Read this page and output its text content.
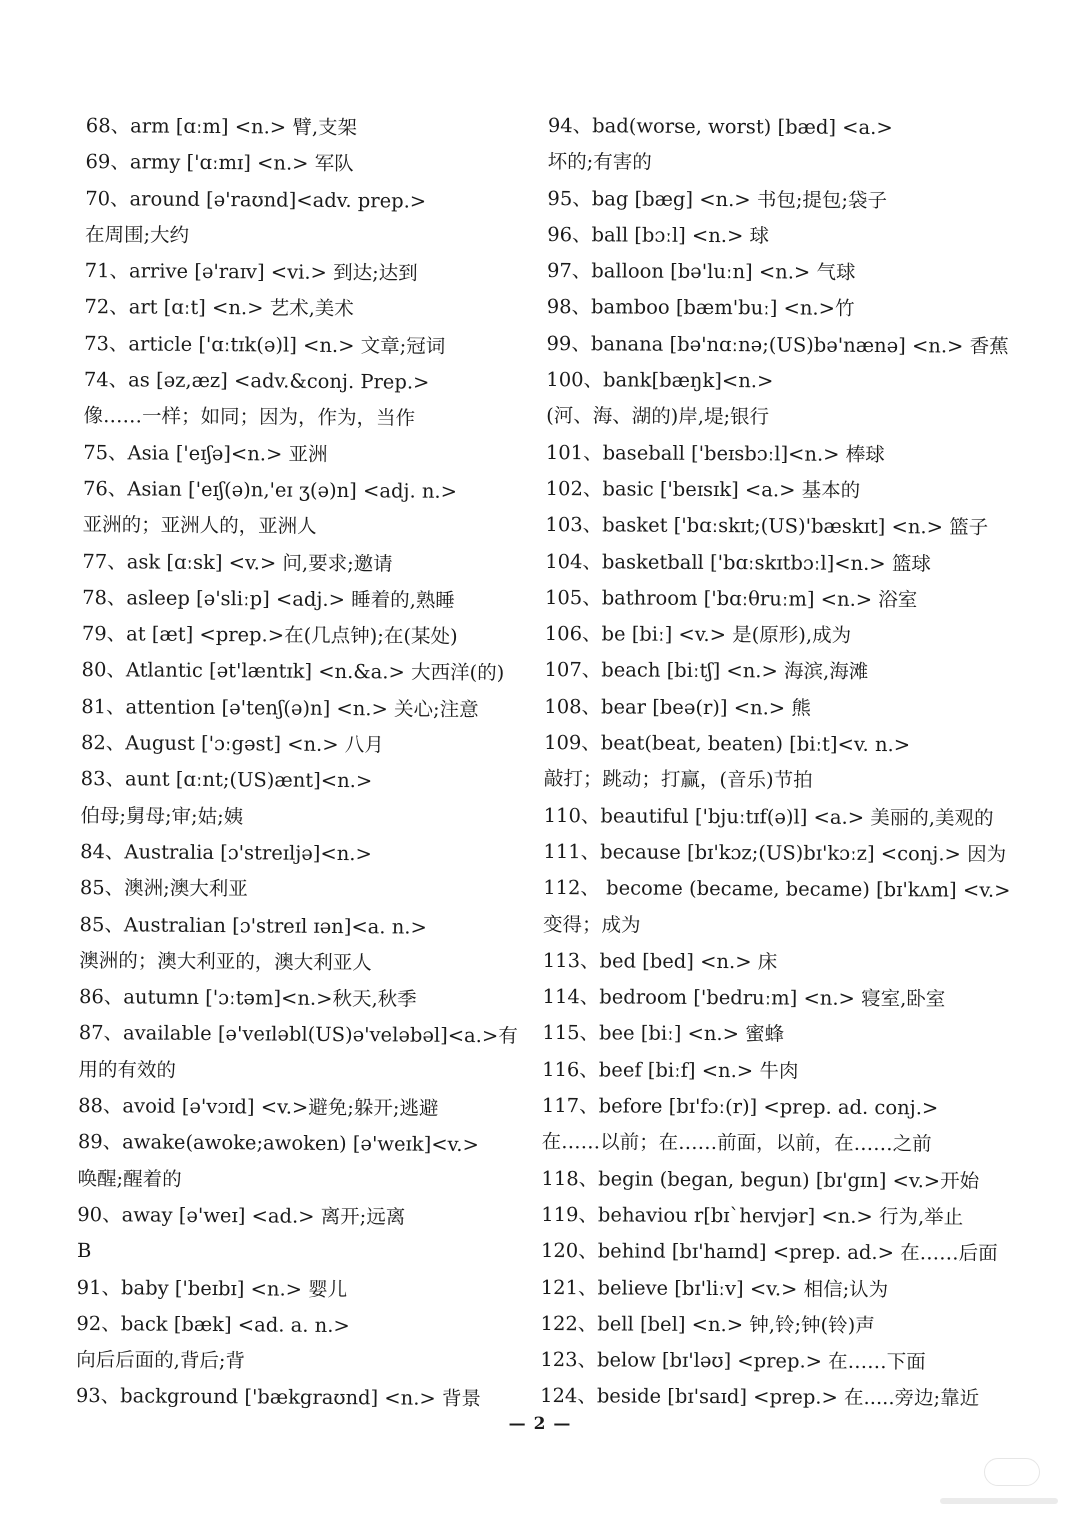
68、arm [ɑːm] <n.> 臂,支架
69、army ['ɑːmɪ] <n.> 军队
70、around [ə'raʊnd]<adv. prep.>
在周围;大约
71、arrive [ə'raɪv] <vi.> 到达;达到
72、art [ɑːt] <n.> 艺术,美术
73、article ['ɑːtɪk(ə)l] <n.> 文章;冠词
74、as [əz,æz] <adv.&conj. Prep.>
像……一样；如同；因为，作为，当作
75、Asia ['eɪʃə]<n.> 亚洲
76、Asian ['eɪʃ(ə)n,'eɪ ʒ(ə)n] <adj. n.>
亚洲的；亚洲人的，亚洲人
77、ask [ɑːsk] <v.> 问,要求;邀请
78、asleep [ə'sliːp] <adj.> 睡着的,熟睡
79、at [æt] <prep.>在(几点钟);在(某处)
80、Atlantic [ət'læntɪk] <n.&a.> 大西洋(的)
81、attention [ə'tenʃ(ə)n] <n.> 关心;注意
82、August ['ɔːgəst] <n.> 八月
83、aunt [ɑːnt;(US)ænt]<n.>
伯母;舅母;审;姑;姨
84、Australia [ɔ'streɪljə]<n.>
85、澳洲;澳大利亚
85、Australian [ɔ'streɪl ɪən]<a. n.>
澳洲的；澳大利亚的，澳大利亚人
86、autumn ['ɔːtəm]<n.>秋天,秋季
87、available [ə'veɪləbl(US)ə'veləbəl]<a.>有
用的有效的
88、avoid [ə'vɔɪd] <v.>避免;躲开;逃避
89、awake(awoke;awoken) [ə'weɪk]<v.>
唤醒;醒着的
90、away [ə'weɪ] <ad.> 离开;远离
B
91、baby ['beɪbɪ] <n.> 婴儿
92、back [bæk] <ad. a. n.>
向后后面的,背后;背
93、background ['bækgraʊnd] <n.> 背景
94、bad(worse, worst) [bæd] <a.>
坏的;有害的
95、bag [bæg] <n.> 书包;提包;袋子
96、ball [bɔːl] <n.> 球
97、balloon [bə'luːn] <n.> 气球
98、bamboo [bæm'buː] <n.>竹
99、banana [bə'nɑːnə;(US)bə'nænə] <n.> 香蕉
100、bank[bæŋk]<n.>
(河、海、湖的)岸,堤;银行
101、baseball ['beɪsbɔːl]<n.> 棒球
102、basic ['beɪsɪk] <a.> 基本的
103、basket ['bɑːskɪt;(US)'bæskɪt] <n.> 篮子
104、basketball ['bɑːskɪtbɔːl]<n.> 篮球
105、bathroom ['bɑːθruːm] <n.> 浴室
106、be [biː] <v.> 是(原形),成为
107、beach [biːtʃ] <n.> 海滨,海滩
108、bear [beə(r)] <n.> 熊
109、beat(beat, beaten) [biːt]<v. n.>
敲打；跳动；打赢，(音乐)节拍
110、beautiful ['bjuːtɪf(ə)l] <a.> 美丽的,美观的
111、because [bɪ'kɔz;(US)bɪ'kɔːz] <conj.> 因为
112、 become (became, became) [bɪ'kʌm] <v.>
变得；成为
113、bed [bed] <n.> 床
114、bedroom ['bedruːm] <n.> 寝室,卧室
115、bee [biː] <n.> 蜜蜂
116、beef [biːf] <n.> 牛肉
117、before [bɪ'fɔː(r)] <prep. ad. conj.>
在……以前；在……前面，以前，在……之前
118、begin (began, begun) [bɪ'gɪn] <v.>开始
119、behaviou r[bɪ`heɪvjər] <n.> 行为,举止
120、behind [bɪ'haɪnd] <prep. ad.> 在……后面
121、believe [bɪ'liːv] <v.> 相信;认为
122、bell [bel] <n.> 钟,铃;钟(铃)声
123、below [bɪ'ləʊ] <prep.> 在……下面
124、beside [bɪ'saɪd] <prep.> 在.....旁边;靠近
— 2 —
